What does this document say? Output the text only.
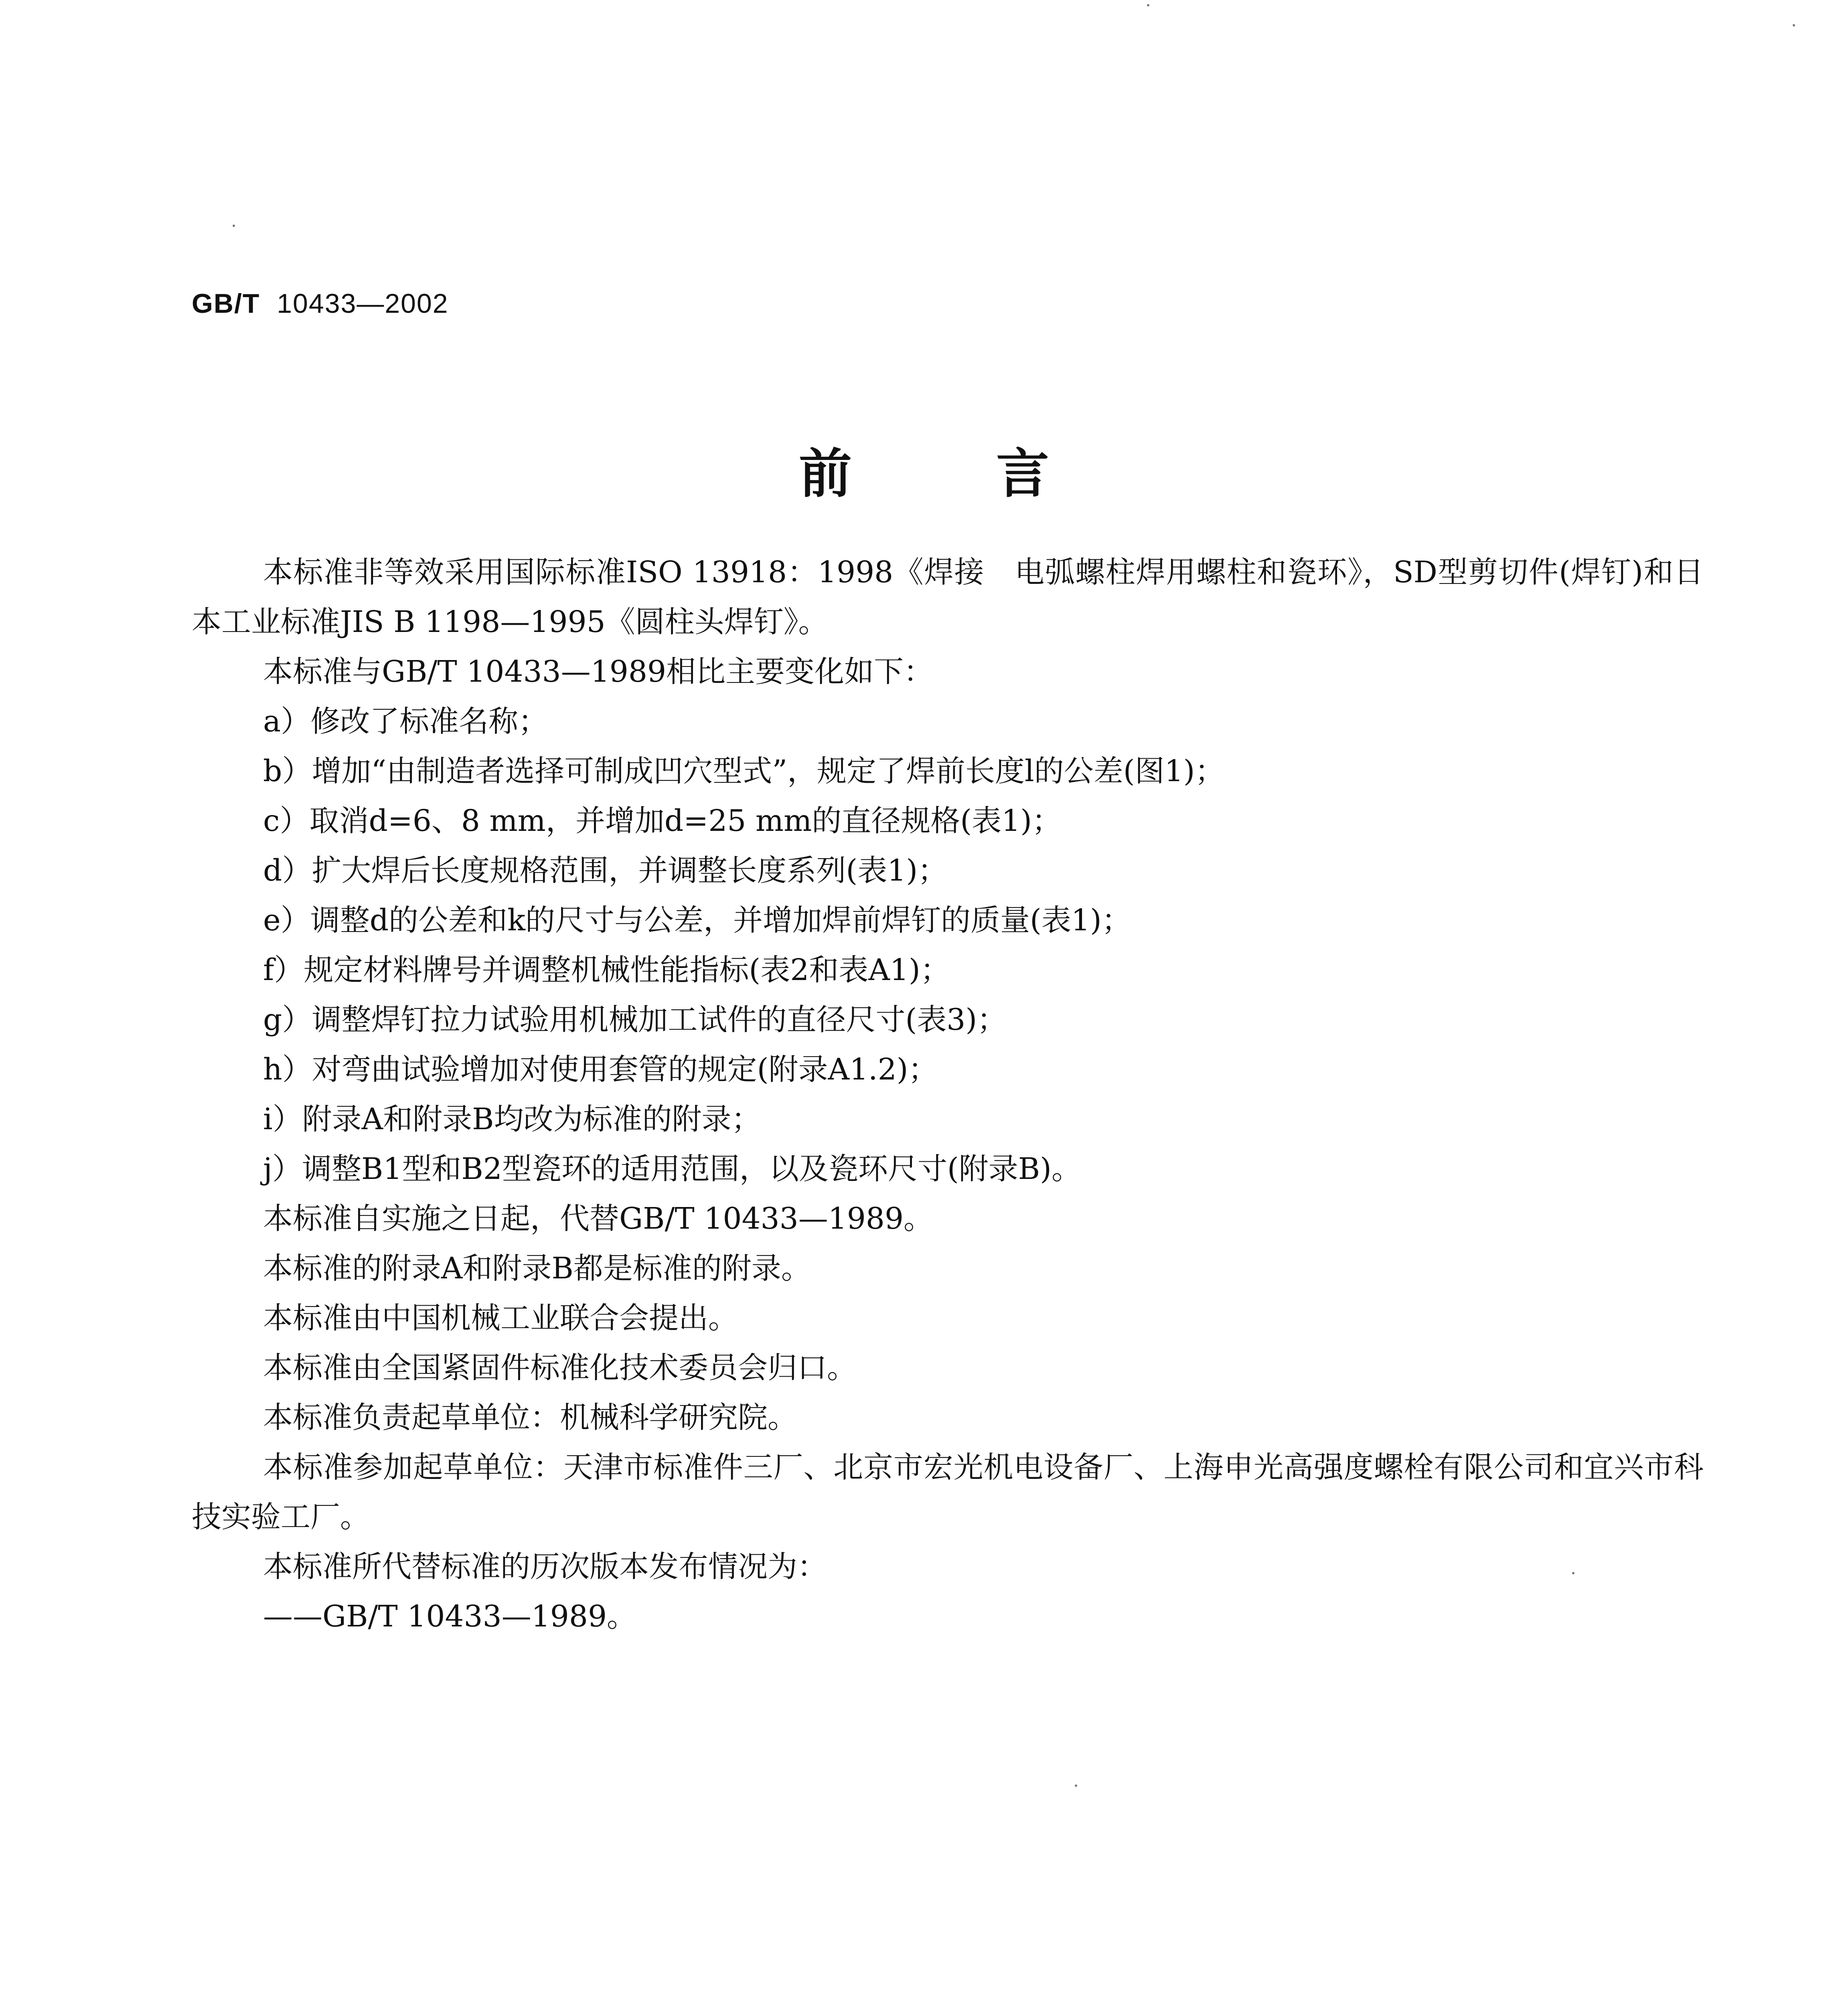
GB/T 10433—2002
前言

本标准非等效采用国际标准ISO 13918：1998《焊接　电弧螺柱焊用螺柱和瓷环》，SD型剪切件(焊钉)和日本工业标准JIS B 1198—1995《圆柱头焊钉》。

本标准与GB/T 10433—1989相比主要变化如下：

a）修改了标准名称；

b）增加“由制造者选择可制成凹穴型式”，规定了焊前长度l的公差(图1)；

c）取消d=6、8 mm，并增加d=25 mm的直径规格(表1)；

d）扩大焊后长度规格范围，并调整长度系列(表1)；

e）调整d的公差和k的尺寸与公差，并增加焊前焊钉的质量(表1)；

f）规定材料牌号并调整机械性能指标(表2和表A1)；

g）调整焊钉拉力试验用机械加工试件的直径尺寸(表3)；

h）对弯曲试验增加对使用套管的规定(附录A1.2)；

i）附录A和附录B均改为标准的附录；

j）调整B1型和B2型瓷环的适用范围，以及瓷环尺寸(附录B)。

本标准自实施之日起，代替GB/T 10433—1989。

本标准的附录A和附录B都是标准的附录。

本标准由中国机械工业联合会提出。

本标准由全国紧固件标准化技术委员会归口。

本标准负责起草单位：机械科学研究院。

本标准参加起草单位：天津市标准件三厂、北京市宏光机电设备厂、上海申光高强度螺栓有限公司和宜兴市科技实验工厂。

本标准所代替标准的历次版本发布情况为：

——GB/T 10433—1989。
